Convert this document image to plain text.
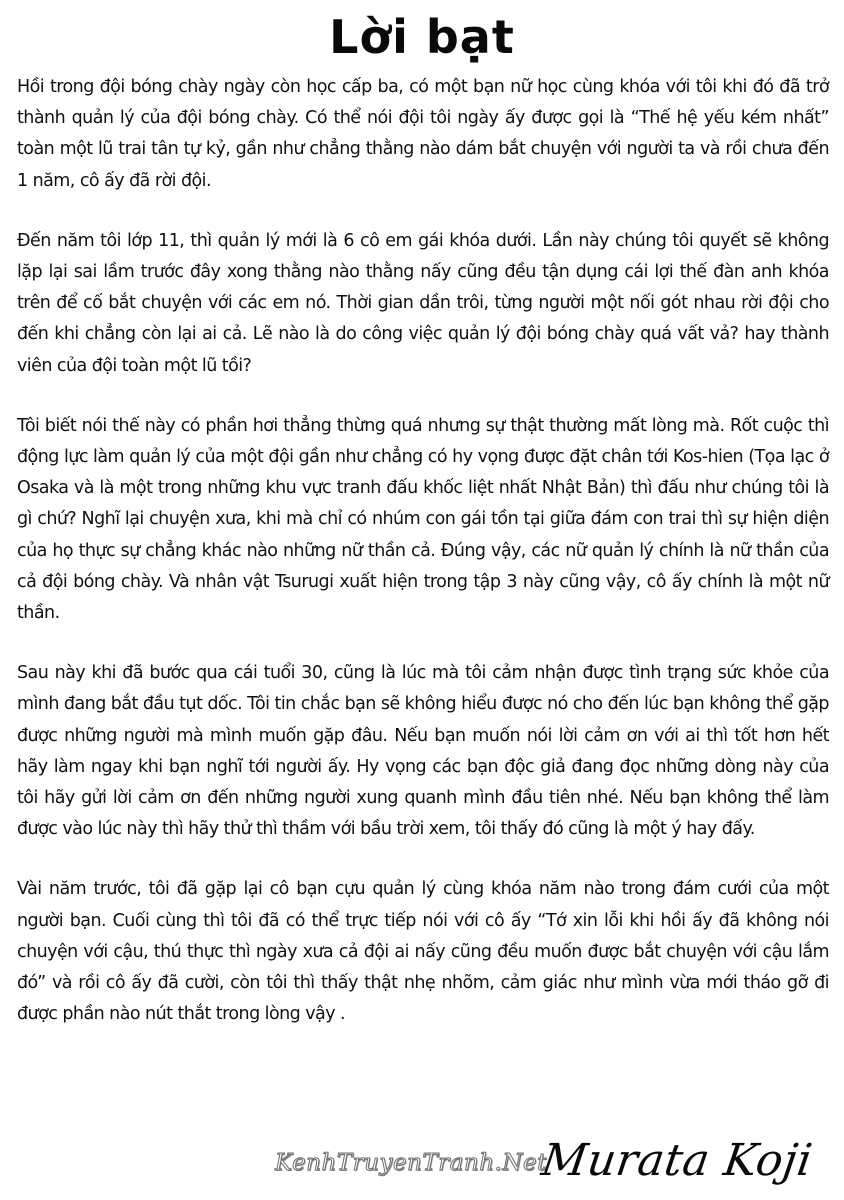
Lời bạt

Hồi trong đội bóng chày ngày còn học cấp ba, có một bạn nữ học cùng khóa với tôi khi đó đã trở thành quản lý của đội bóng chày. Có thể nói đội tôi ngày ấy được gọi là “Thế hệ yếu kém nhất” toàn một lũ trai tân tự kỷ, gần như chẳng thằng nào dám bắt chuyện với người ta và rồi chưa đến 1 năm, cô ấy đã rời đội.

Đến năm tôi lớp 11, thì quản lý mới là 6 cô em gái khóa dưới. Lần này chúng tôi quyết sẽ không lặp lại sai lầm trước đây xong thằng nào thằng nấy cũng đều tận dụng cái lợi thế đàn anh khóa trên để cố bắt chuyện với các em nó. Thời gian dần trôi, từng người một nối gót nhau rời đội cho đến khi chẳng còn lại ai cả. Lẽ nào là do công việc quản lý đội bóng chày quá vất vả? hay thành viên của đội toàn một lũ tồi?

Tôi biết nói thế này có phần hơi thẳng thừng quá nhưng sự thật thường mất lòng mà. Rốt cuộc thì động lực làm quản lý của một đội gần như chẳng có hy vọng được đặt chân tới Kos-hien (Tọa lạc ở Osaka và là một trong những khu vực tranh đấu khốc liệt nhất Nhật Bản) thì đấu như chúng tôi là gì chứ? Nghĩ lại chuyện xưa, khi mà chỉ có nhúm con gái tồn tại giữa đám con trai thì sự hiện diện của họ thực sự chẳng khác nào những nữ thần cả. Đúng vậy, các nữ quản lý chính là nữ thần của cả đội bóng chày. Và nhân vật Tsurugi xuất hiện trong tập 3 này cũng vậy, cô ấy chính là một nữ thần.

Sau này khi đã bước qua cái tuổi 30, cũng là lúc mà tôi cảm nhận được tình trạng sức khỏe của mình đang bắt đầu tụt dốc. Tôi tin chắc bạn sẽ không hiểu được nó cho đến lúc bạn không thể gặp được những người mà mình muốn gặp đâu. Nếu bạn muốn nói lời cảm ơn với ai thì tốt hơn hết hãy làm ngay khi bạn nghĩ tới người ấy. Hy vọng các bạn độc giả đang đọc những dòng này của tôi hãy gửi lời cảm ơn đến những người xung quanh mình đầu tiên nhé. Nếu bạn không thể làm được vào lúc này thì hãy thử thì thầm với bầu trời xem, tôi thấy đó cũng là một ý hay đấy.

Vài năm trước, tôi đã gặp lại cô bạn cựu quản lý cùng khóa năm nào trong đám cưới của một người bạn. Cuối cùng thì tôi đã có thể trực tiếp nói với cô ấy “Tớ xin lỗi khi hồi ấy đã không nói chuyện với cậu, thú thực thì ngày xưa cả đội ai nấy cũng đều muốn được bắt chuyện với cậu lắm đó” và rồi cô ấy đã cười, còn tôi thì thấy thật nhẹ nhõm, cảm giác như mình vừa mới tháo gỡ đi được phần nào nút thắt trong lòng vậy .

KenhTruyenTranh.Net
Murata Koji
